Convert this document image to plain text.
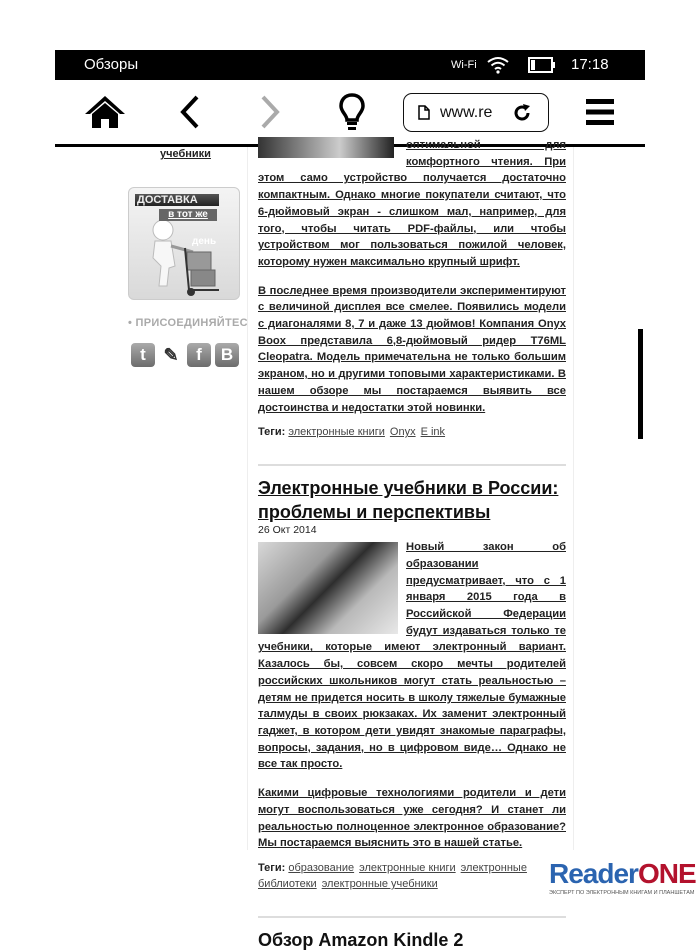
Обзоры	Wi-Fi	17:18
www.re
учебники
ДОСТАВКА
в тот же
день
• ПРИСОЕДИНЯЙТЕС
t ✎	f	B

оптимальной для комфортного чтения. При этом само устройство получается достаточно компактным. Однако многие покупатели считают, что 6-дюймовый экран - слишком мал, например, для того, чтобы читать PDF-файлы, или чтобы устройством мог пользоваться пожилой человек, которому нужен максимально крупный шрифт.

В последнее время производители экспериментируют с величиной дисплея все смелее. Появились модели с диагоналями 8, 7 и даже 13 дюймов! Компания Onyx Boox представила 6,8-дюймовый ридер T76ML Cleopatra. Модель примечательна не только большим экраном, но и другими топовыми характеристиками. В нашем обзоре мы постараемся выявить все достоинства и недостатки этой новинки.

Теги: электронные книги Onyx E ink
Электронные учебники в России: проблемы и перспективы
26 Окт 2014

Новый закон об образовании предусматривает, что с 1 января 2015 года в Российской Федерации будут издаваться только те учебники, которые имеют электронный вариант. Казалось бы, совсем скоро мечты родителей российских школьников могут стать реальностью – детям не придется носить в школу тяжелые бумажные талмуды в своих рюкзаках. Их заменит электронный гаджет, в котором дети увидят знакомые параграфы, вопросы, задания, но в цифровом виде… Однако не все так просто.

Какими цифровые технологиями родители и дети могут воспользоваться уже сегодня? И станет ли реальностью полноценное электронное образование? Мы постараемся выяснить это в нашей статье.

Теги: образование электронные книги электронные библиотеки электронные учебники
Обзор Amazon Kindle 2
ReaderONE
ЭКСПЕРТ ПО ЭЛЕКТРОННЫМ КНИГАМ И ПЛАНШЕТАМ
